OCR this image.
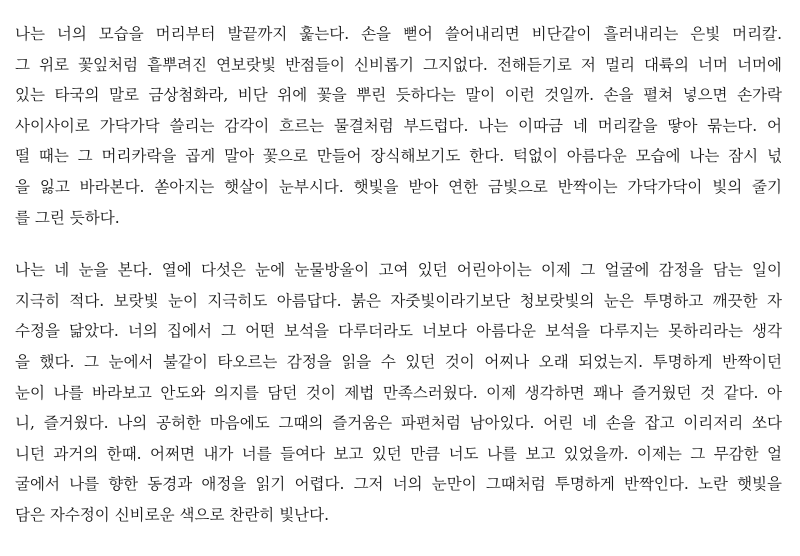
나는 너의 모습을 머리부터 발끝까지 훑는다. 손을 뻗어 쓸어내리면 비단같이 흘러내리는 은빛 머리칼.
그 위로 꽃잎처럼 흩뿌려진 연보랏빛 반점들이 신비롭기 그지없다. 전해듣기로 저 멀리 대륙의 너머 너머에
있는 타국의 말로 금상첨화라, 비단 위에 꽃을 뿌린 듯하다는 말이 이런 것일까. 손을 펼쳐 넣으면 손가락
사이사이로 가닥가닥 쓸리는 감각이 흐르는 물결처럼 부드럽다. 나는 이따금 네 머리칼을 땋아 묶는다. 어
떨 때는 그 머리카락을 곱게 말아 꽃으로 만들어 장식해보기도 한다. 턱없이 아름다운 모습에 나는 잠시 넋
을 잃고 바라본다. 쏟아지는 햇살이 눈부시다. 햇빛을 받아 연한 금빛으로 반짝이는 가닥가닥이 빛의 줄기
를 그린 듯하다.
나는 네 눈을 본다. 열에 다섯은 눈에 눈물방울이 고여 있던 어린아이는 이제 그 얼굴에 감정을 담는 일이
지극히 적다. 보랏빛 눈이 지극히도 아름답다. 붉은 자줏빛이라기보단 청보랏빛의 눈은 투명하고 깨끗한 자
수정을 닮았다. 너의 집에서 그 어떤 보석을 다루더라도 너보다 아름다운 보석을 다루지는 못하리라는 생각
을 했다. 그 눈에서 불같이 타오르는 감정을 읽을 수 있던 것이 어찌나 오래 되었는지. 투명하게 반짝이던
눈이 나를 바라보고 안도와 의지를 담던 것이 제법 만족스러웠다. 이제 생각하면 꽤나 즐거웠던 것 같다. 아
니, 즐거웠다. 나의 공허한 마음에도 그때의 즐거움은 파편처럼 남아있다. 어린 네 손을 잡고 이리저리 쏘다
니던 과거의 한때. 어쩌면 내가 너를 들여다 보고 있던 만큼 너도 나를 보고 있었을까. 이제는 그 무감한 얼
굴에서 나를 향한 동경과 애정을 읽기 어렵다. 그저 너의 눈만이 그때처럼 투명하게 반짝인다. 노란 햇빛을
담은 자수정이 신비로운 색으로 찬란히 빛난다.
